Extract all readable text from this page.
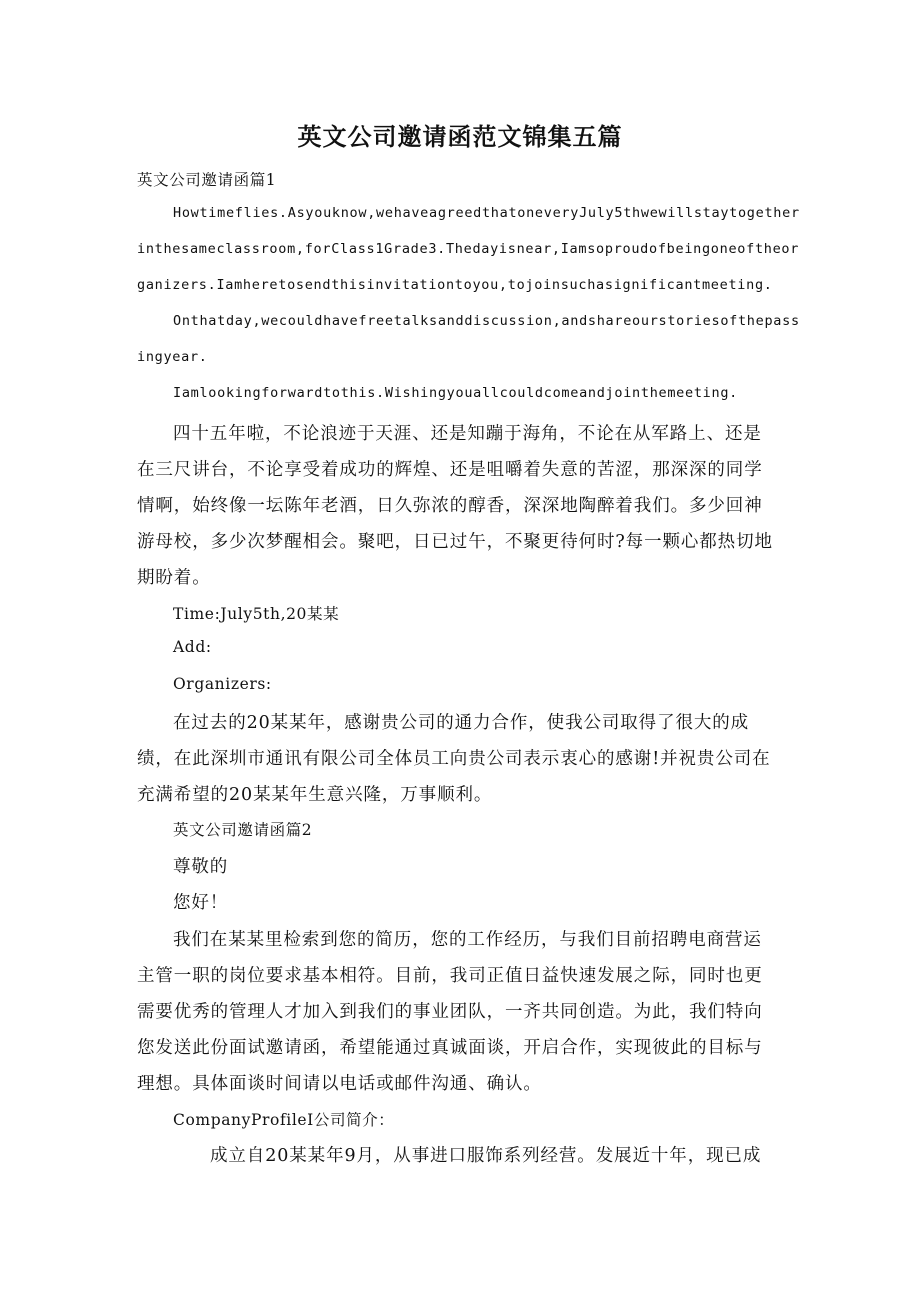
英文公司邀请函范文锦集五篇
英文公司邀请函篇1
Howtimeflies.Asyouknow,wehaveagreedthatoneveryJuly5thwewillstaytogether
inthesameclassroom,forClass1Grade3.Thedayisnear,Iamsoproudofbeingoneoftheor
ganizers.Iamheretosendthisinvitationtoyou,tojoinsuchasignificantmeeting.
Onthatday,wecouldhavefreetalksanddiscussion,andshareourstoriesofthepass
ingyear.
Iamlookingforwardtothis.Wishingyouallcouldcomeandjointhemeeting.
四十五年啦，不论浪迹于天涯、还是知蹦于海角，不论在从军路上、还是
在三尺讲台，不论享受着成功的辉煌、还是咀嚼着失意的苦涩，那深深的同学
情啊，始终像一坛陈年老酒，日久弥浓的醇香，深深地陶醉着我们。多少回神
游母校，多少次梦醒相会。聚吧，日已过午，不聚更待何时?每一颗心都热切地
期盼着。
Time:July5th,20某某
Add:
Organizers:
在过去的20某某年，感谢贵公司的通力合作，使我公司取得了很大的成
绩，在此深圳市通讯有限公司全体员工向贵公司表示衷心的感谢!并祝贵公司在
充满希望的20某某年生意兴隆，万事顺利。
英文公司邀请函篇2
尊敬的
您好！
我们在某某里检索到您的简历，您的工作经历，与我们目前招聘电商营运
主管一职的岗位要求基本相符。目前，我司正值日益快速发展之际，同时也更
需要优秀的管理人才加入到我们的事业团队，一齐共同创造。为此，我们特向
您发送此份面试邀请函，希望能通过真诚面谈，开启合作，实现彼此的目标与
理想。具体面谈时间请以电话或邮件沟通、确认。
CompanyProfileI公司简介：
成立自20某某年9月，从事进口服饰系列经营。发展近十年，现已成
